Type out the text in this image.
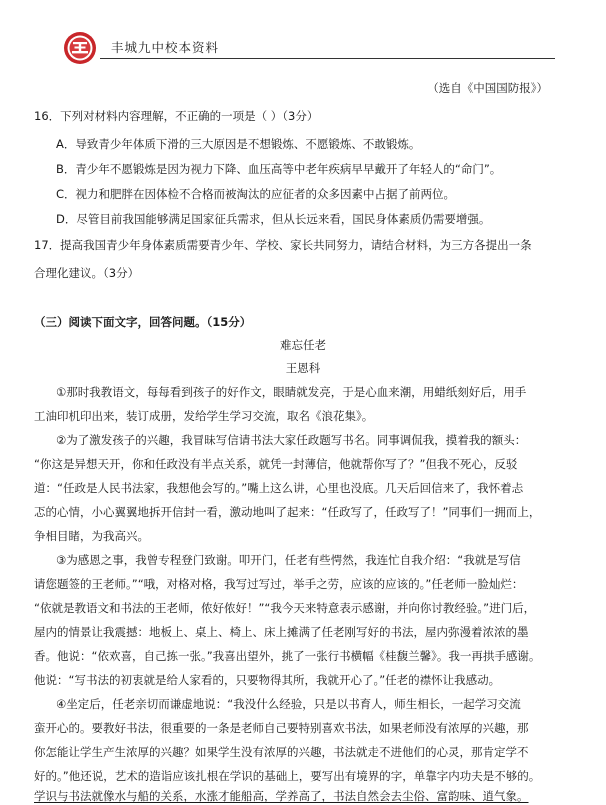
丰城九中校本资料
（选自《中国国防报》）
16．下列对材料内容理解，不正确的一项是（ ）（3分）
A．导致青少年体质下滑的三大原因是不想锻炼、不愿锻炼、不敢锻炼。
B．青少年不愿锻炼是因为视力下降、血压高等中老年疾病早早戴开了年轻人的“命门”。
C．视力和肥胖在因体检不合格而被淘汰的应征者的众多因素中占据了前两位。
D．尽管目前我国能够满足国家征兵需求，但从长远来看，国民身体素质仍需要增强。
17．提高我国青少年身体素质需要青少年、学校、家长共同努力，请结合材料，为三方各提出一条
合理化建议。（3分）
（三）阅读下面文字，回答问题。（15分）
难忘任老
王恩科
①那时我教语文，每每看到孩子的好作文，眼睛就发亮，于是心血来潮，用蜡纸刻好后，用手
工油印机印出来，装订成册，发给学生学习交流，取名《浪花集》。
②为了激发孩子的兴趣，我冒昧写信请书法大家任政题写书名。同事调侃我，摸着我的额头：
“你这是异想天开，你和任政没有半点关系，就凭一封薄信，他就帮你写了？”但我不死心，反驳
道：“任政是人民书法家，我想他会写的。”嘴上这么讲，心里也没底。几天后回信来了，我怀着忐
忑的心情，小心翼翼地拆开信封一看，激动地叫了起来：“任政写了，任政写了！”同事们一拥而上，
争相目睹，为我高兴。
③为感恩之事，我曾专程登门致谢。叩开门，任老有些愕然，我连忙自我介绍：“我就是写信
请您题签的王老师。”“哦，对格对格，我写过写过，举手之劳，应该的应该的。”任老师一脸灿烂：
“依就是教语文和书法的王老师，侬好侬好！”“我今天来特意表示感谢，并向你讨教经验。”进门后，
屋内的情景让我震撼：地板上、桌上、椅上、床上摊满了任老刚写好的书法，屋内弥漫着浓浓的墨
香。他说：“依欢喜，自己拣一张。”我喜出望外，挑了一张行书横幅《桂馥兰馨》。我一再拱手感谢。
他说：“写书法的初衷就是给人家看的，只要物得其所，我就开心了。”任老的襟怀让我感动。
④坐定后，任老亲切而谦虚地说：“我没什么经验，只是以书育人，师生相长，一起学习交流
蛮开心的。要教好书法，很重要的一条是老师自己要特别喜欢书法，如果老师没有浓厚的兴趣，那
你怎能让学生产生浓厚的兴趣？如果学生没有浓厚的兴趣，书法就走不进他们的心灵，那肯定学不
好的。”他还说，艺术的造诣应该扎根在学识的基础上，要写出有境界的字，单靠字内功夫是不够的。
学识与书法就像水与船的关系，水涨才能船高，学养高了，书法自然会去尘俗、富韵味、逍气象。
